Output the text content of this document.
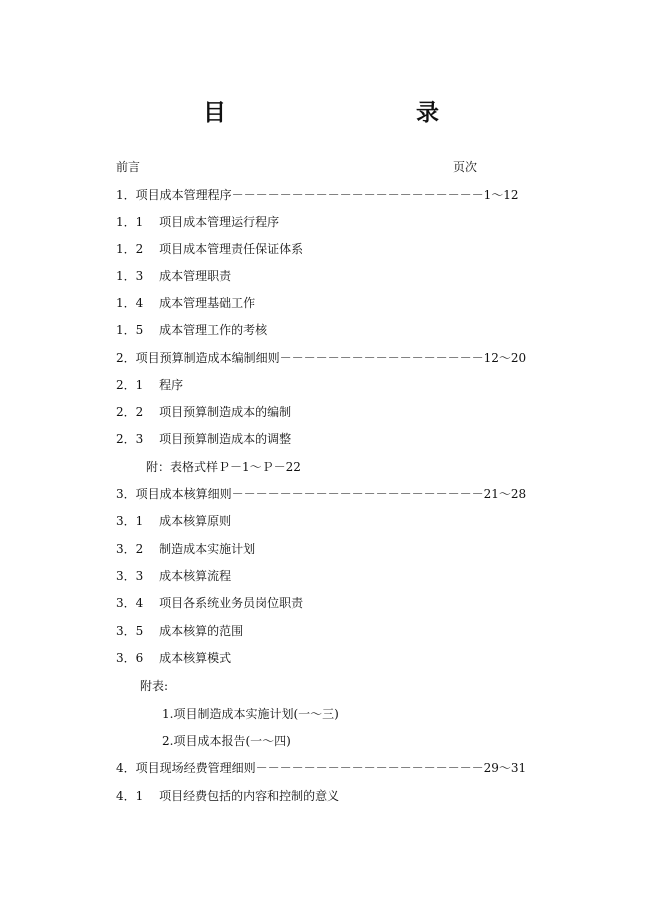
目　　录
前言	页次
1．项目成本管理程序－－－－－－－－－－－－－－－－－－－－－1～12
1．1　 项目成本管理运行程序
1．2　 项目成本管理责任保证体系
1．3　 成本管理职责
1．4　 成本管理基础工作
1．5　 成本管理工作的考核
2．项目预算制造成本编制细则－－－－－－－－－－－－－－－－－12～20
2．1　 程序
2．2　 项目预算制造成本的编制
2．3　 项目预算制造成本的调整
附：表格式样Ｐ－1～Ｐ－22
3．项目成本核算细则－－－－－－－－－－－－－－－－－－－－－21～28
3．1　 成本核算原则
3．2　 制造成本实施计划
3．3　 成本核算流程
3．4　 项目各系统业务员岗位职责
3．5　 成本核算的范围
3．6　 成本核算模式
附表:
1.项目制造成本实施计划(一～三)
2.项目成本报告(一～四)
4．项目现场经费管理细则－－－－－－－－－－－－－－－－－－－29～31
4．1　 项目经费包括的内容和控制的意义
